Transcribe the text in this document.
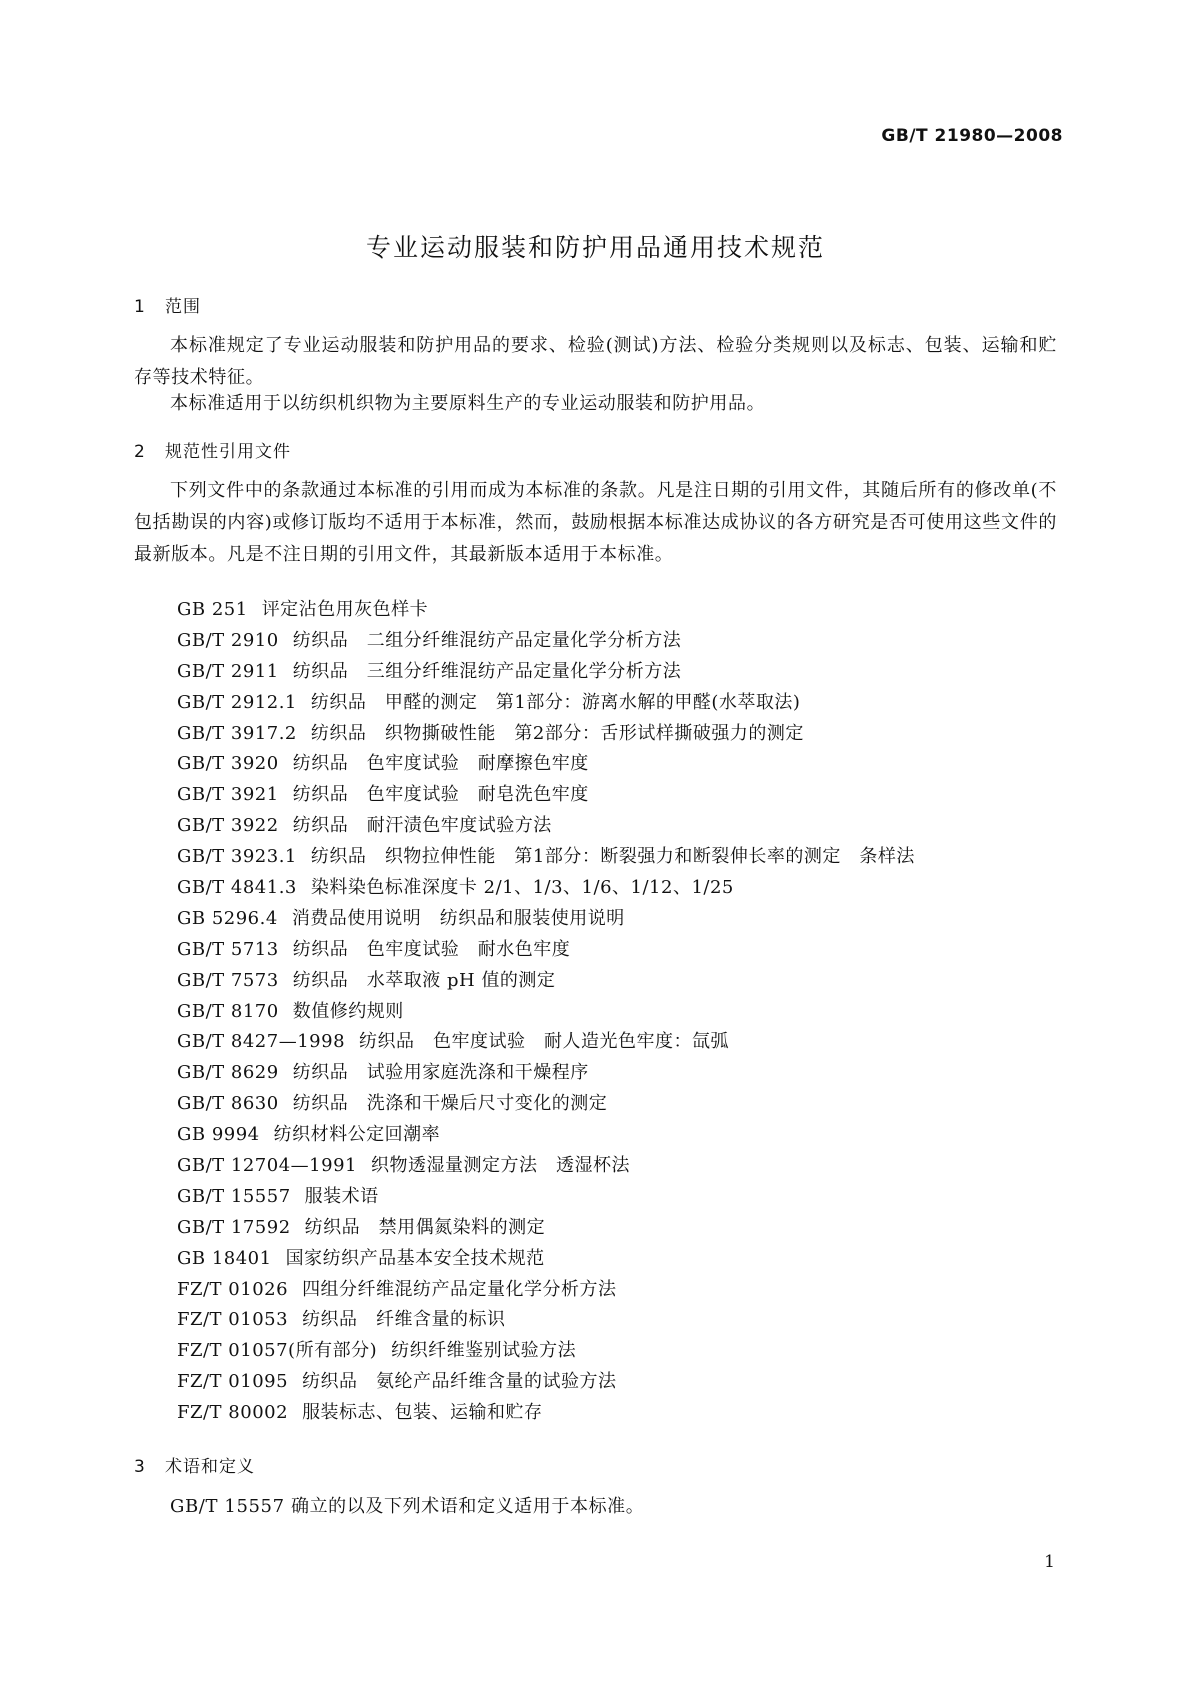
GB/T 21980—2008
专业运动服装和防护用品通用技术规范
1 范围

本标准规定了专业运动服装和防护用品的要求、检验(测试)方法、检验分类规则以及标志、包装、运输和贮存等技术特征。

本标准适用于以纺织机织物为主要原料生产的专业运动服装和防护用品。

2 规范性引用文件

下列文件中的条款通过本标准的引用而成为本标准的条款。凡是注日期的引用文件，其随后所有的修改单(不包括勘误的内容)或修订版均不适用于本标准，然而，鼓励根据本标准达成协议的各方研究是否可使用这些文件的最新版本。凡是不注日期的引用文件，其最新版本适用于本标准。

GB 251 评定沾色用灰色样卡
GB/T 2910 纺织品　二组分纤维混纺产品定量化学分析方法
GB/T 2911 纺织品　三组分纤维混纺产品定量化学分析方法
GB/T 2912.1 纺织品　甲醛的测定　第1部分：游离水解的甲醛(水萃取法)
GB/T 3917.2 纺织品　织物撕破性能　第2部分：舌形试样撕破强力的测定
GB/T 3920 纺织品　色牢度试验　耐摩擦色牢度
GB/T 3921 纺织品　色牢度试验　耐皂洗色牢度
GB/T 3922 纺织品　耐汗渍色牢度试验方法
GB/T 3923.1 纺织品　织物拉伸性能　第1部分：断裂强力和断裂伸长率的测定　条样法
GB/T 4841.3 染料染色标准深度卡 2/1、1/3、1/6、1/12、1/25
GB 5296.4 消费品使用说明　纺织品和服装使用说明
GB/T 5713 纺织品　色牢度试验　耐水色牢度
GB/T 7573 纺织品　水萃取液 pH 值的测定
GB/T 8170 数值修约规则
GB/T 8427—1998 纺织品　色牢度试验　耐人造光色牢度：氙弧
GB/T 8629 纺织品　试验用家庭洗涤和干燥程序
GB/T 8630 纺织品　洗涤和干燥后尺寸变化的测定
GB 9994 纺织材料公定回潮率
GB/T 12704—1991 织物透湿量测定方法　透湿杯法
GB/T 15557 服装术语
GB/T 17592 纺织品　禁用偶氮染料的测定
GB 18401 国家纺织产品基本安全技术规范
FZ/T 01026 四组分纤维混纺产品定量化学分析方法
FZ/T 01053 纺织品　纤维含量的标识
FZ/T 01057(所有部分) 纺织纤维鉴别试验方法
FZ/T 01095 纺织品　氨纶产品纤维含量的试验方法
FZ/T 80002 服装标志、包装、运输和贮存
3 术语和定义

GB/T 15557 确立的以及下列术语和定义适用于本标准。

1
